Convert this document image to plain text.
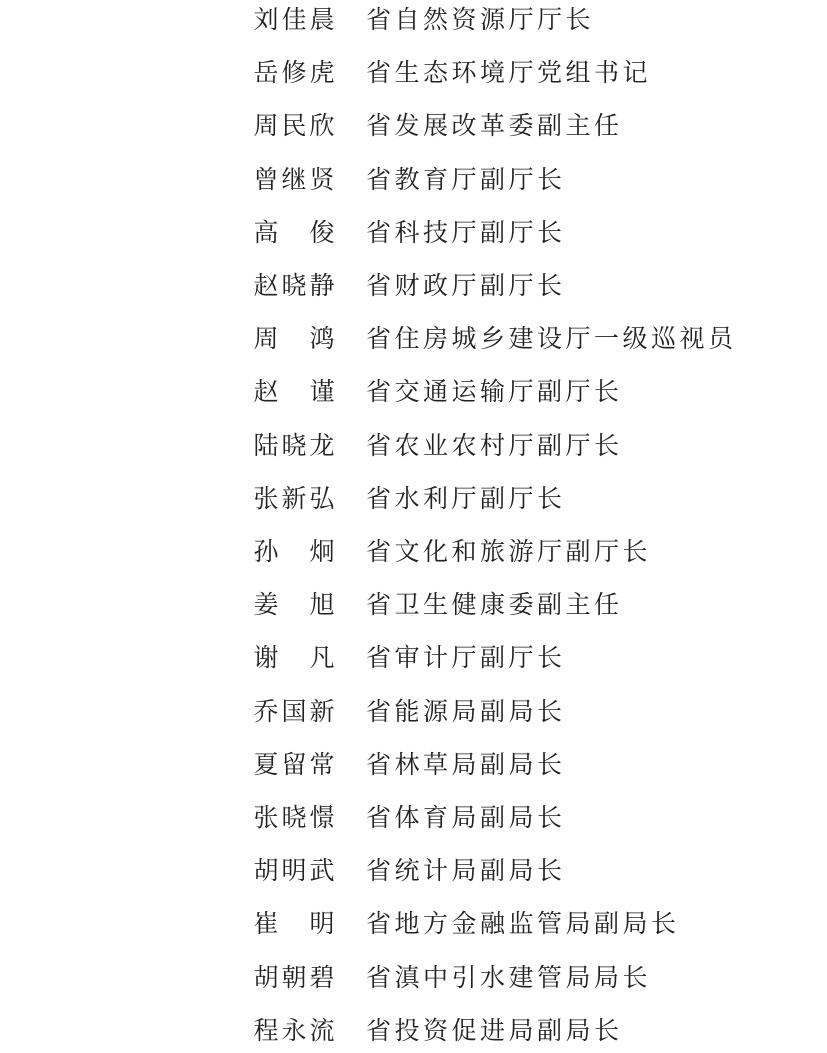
刘 佳 晨 省自然资源厅厅长
岳 修 虎 省生态环境厅党组书记
周 民 欣 省发展改革委副主任
曾 继 贤 省教育厅副厅长
高 俊 省科技厅副厅长
赵 晓 静 省财政厅副厅长
周 鸿 省住房城乡建设厅一级巡视员
赵 谨 省交通运输厅副厅长
陆 晓 龙 省农业农村厅副厅长
张 新 弘 省水利厅副厅长
孙 炯 省文化和旅游厅副厅长
姜 旭 省卫生健康委副主任
谢 凡 省审计厅副厅长
乔 国 新 省能源局副局长
夏 留 常 省林草局副局长
张 晓 憬 省体育局副局长
胡 明 武 省统计局副局长
崔 明 省地方金融监管局副局长
胡 朝 碧 省滇中引水建管局局长
程 永 流 省投资促进局副局长
